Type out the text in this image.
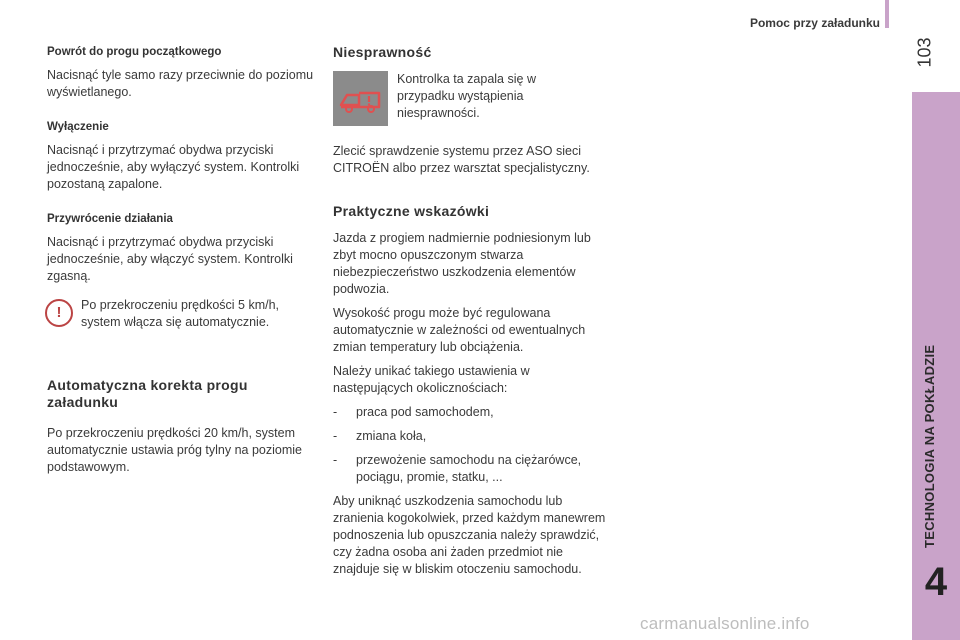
Pomoc przy załadunku
103
TECHNOLOGIA NA POKŁADZIE
4
Powrót do progu początkowego

Nacisnąć tyle samo razy przeciwnie do poziomu wyświetlanego.

Wyłączenie

Nacisnąć i przytrzymać obydwa przyciski jednocześnie, aby wyłączyć system. Kontrolki pozostaną zapalone.

Przywrócenie działania

Nacisnąć i przytrzymać obydwa przyciski jednocześnie, aby włączyć system. Kontrolki zgasną.

!	Po przekroczeniu prędkości 5 km/h, system włącza się automatycznie.
Automatyczna korekta progu załadunku

Po przekroczeniu prędkości 20 km/h, system automatycznie ustawia próg tylny na poziomie podstawowym.

Niesprawność
Kontrolka ta zapala się w przypadku wystąpienia niesprawności.

Zlecić sprawdzenie systemu przez ASO sieci CITROËN albo przez warsztat specjalistyczny.

Praktyczne wskazówki

Jazda z progiem nadmiernie podniesionym lub zbyt mocno opuszczonym stwarza niebezpieczeństwo uszkodzenia elementów podwozia.

Wysokość progu może być regulowana automatycznie w zależności od ewentualnych zmian temperatury lub obciążenia.

Należy unikać takiego ustawienia w następujących okolicznościach:

- praca pod samochodem,
- zmiana koła,
- przewożenie samochodu na ciężarówce, pociągu, promie, statku, ...

Aby uniknąć uszkodzenia samochodu lub zranienia kogokolwiek, przed każdym manewrem podnoszenia lub opuszczania należy sprawdzić, czy żadna osoba ani żaden przedmiot nie znajduje się w bliskim otoczeniu samochodu.

carmanualsonline.info
